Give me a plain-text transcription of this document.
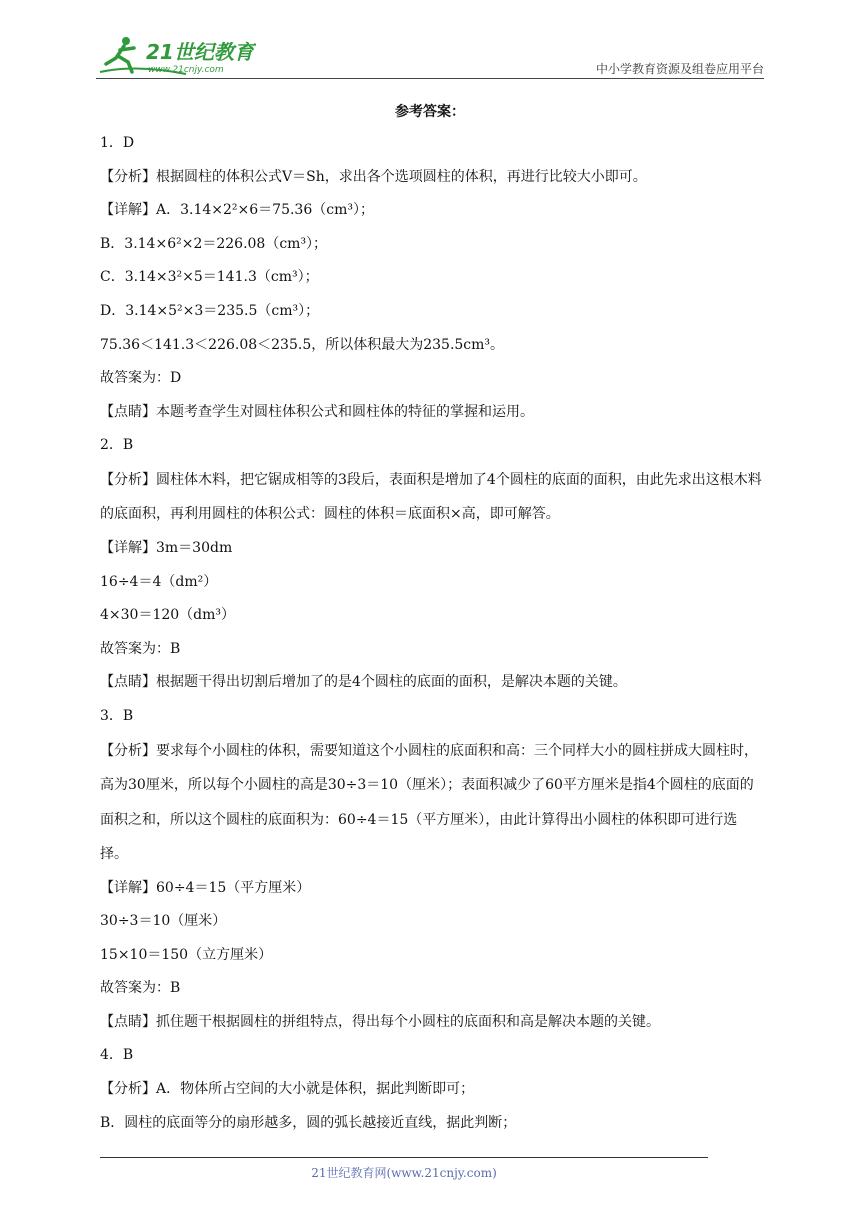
21世纪教育
www.21cnjy.com	中小学教育资源及组卷应用平台
参考答案：
1．D
【分析】根据圆柱的体积公式V＝Sh，求出各个选项圆柱的体积，再进行比较大小即可。
【详解】A．3.14×2²×6＝75.36（cm³）；
B．3.14×6²×2＝226.08（cm³）；
C．3.14×3²×5＝141.3（cm³）；
D．3.14×5²×3＝235.5（cm³）；
75.36＜141.3＜226.08＜235.5，所以体积最大为235.5cm³。
故答案为：D
【点睛】本题考查学生对圆柱体积公式和圆柱体的特征的掌握和运用。
2．B
【分析】圆柱体木料，把它锯成相等的3段后，表面积是增加了4个圆柱的底面的面积，由此先求出这根木料的底面积，再利用圆柱的体积公式：圆柱的体积＝底面积×高，即可解答。
【详解】3m＝30dm
16÷4＝4（dm²）
4×30＝120（dm³）
故答案为：B
【点睛】根据题干得出切割后增加了的是4个圆柱的底面的面积，是解决本题的关键。
3．B
【分析】要求每个小圆柱的体积，需要知道这个小圆柱的底面积和高：三个同样大小的圆柱拼成大圆柱时，高为30厘米，所以每个小圆柱的高是30÷3＝10（厘米）；表面积减少了60平方厘米是指4个圆柱的底面的面积之和，所以这个圆柱的底面积为：60÷4＝15（平方厘米），由此计算得出小圆柱的体积即可进行选择。
【详解】60÷4＝15（平方厘米）
30÷3＝10（厘米）
15×10＝150（立方厘米）
故答案为：B
【点睛】抓住题干根据圆柱的拼组特点，得出每个小圆柱的底面积和高是解决本题的关键。
4．B
【分析】A．物体所占空间的大小就是体积，据此判断即可；
B．圆柱的底面等分的扇形越多，圆的弧长越接近直线，据此判断；
21世纪教育网(www.21cnjy.com)
